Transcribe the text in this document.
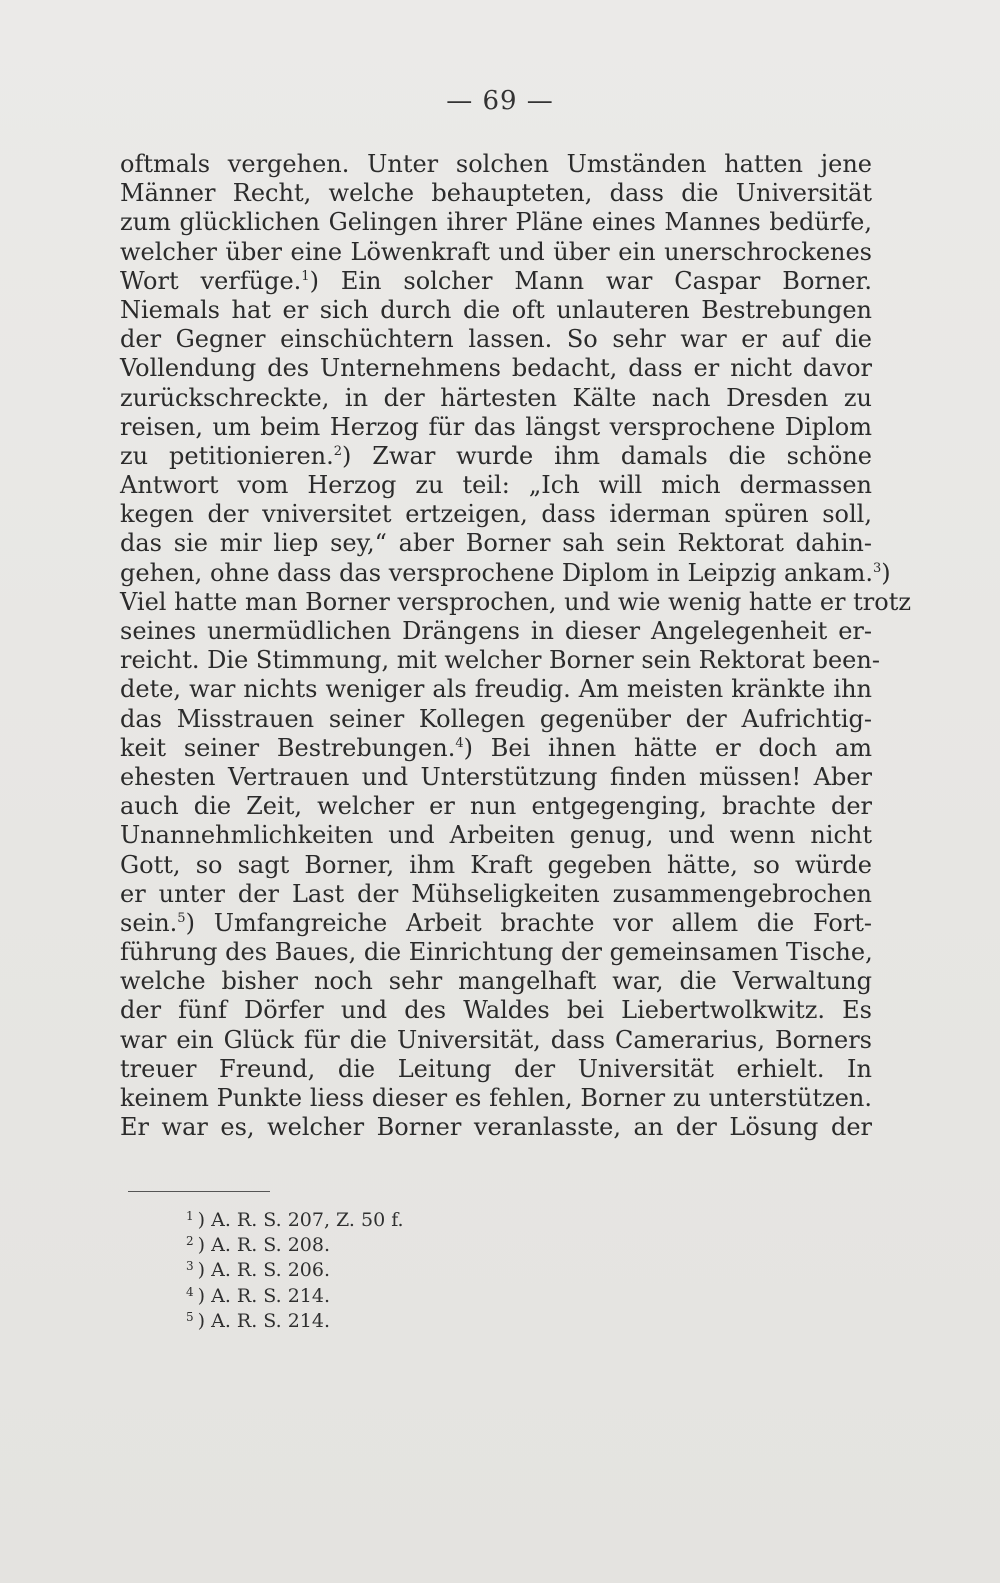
— 69 —
oftmals vergehen. Unter solchen Umständen hatten jene
Männer Recht, welche behaupteten, dass die Universität
zum glücklichen Gelingen ihrer Pläne eines Mannes bedürfe,
welcher über eine Löwenkraft und über ein unerschrockenes
Wort verfüge.$^1$) Ein solcher Mann war Caspar Borner.
Niemals hat er sich durch die oft unlauteren Bestrebungen
der Gegner einschüchtern lassen. So sehr war er auf die
Vollendung des Unternehmens bedacht, dass er nicht davor
zurückschreckte, in der härtesten Kälte nach Dresden zu
reisen, um beim Herzog für das längst versprochene Diplom
zu petitionieren.$^2$) Zwar wurde ihm damals die schöne
Antwort vom Herzog zu teil: „Ich will mich dermassen
kegen der vniversitet ertzeigen, dass iderman spüren soll,
das sie mir liep sey,“ aber Borner sah sein Rektorat dahin-
gehen, ohne dass das versprochene Diplom in Leipzig ankam.$^3$)
Viel hatte man Borner versprochen, und wie wenig hatte er trotz
seines unermüdlichen Drängens in dieser Angelegenheit er-
reicht. Die Stimmung, mit welcher Borner sein Rektorat been-
dete, war nichts weniger als freudig. Am meisten kränkte ihn
das Misstrauen seiner Kollegen gegenüber der Aufrichtig-
keit seiner Bestrebungen.$^4$) Bei ihnen hätte er doch am
ehesten Vertrauen und Unterstützung finden müssen! Aber
auch die Zeit, welcher er nun entgegenging, brachte der
Unannehmlichkeiten und Arbeiten genug, und wenn nicht
Gott, so sagt Borner, ihm Kraft gegeben hätte, so würde
er unter der Last der Mühseligkeiten zusammengebrochen
sein.$^5$) Umfangreiche Arbeit brachte vor allem die Fort-
führung des Baues, die Einrichtung der gemeinsamen Tische,
welche bisher noch sehr mangelhaft war, die Verwaltung
der fünf Dörfer und des Waldes bei Liebertwolkwitz. Es
war ein Glück für die Universität, dass Camerarius, Borners
treuer Freund, die Leitung der Universität erhielt. In
keinem Punkte liess dieser es fehlen, Borner zu unterstützen.
Er war es, welcher Borner veranlasste, an der Lösung der
$^1$ ) A. R. S. 207, Z. 50 f.
$^2$ ) A. R. S. 208.
$^3$ ) A. R. S. 206.
$^4$ ) A. R. S. 214.
$^5$ ) A. R. S. 214.
